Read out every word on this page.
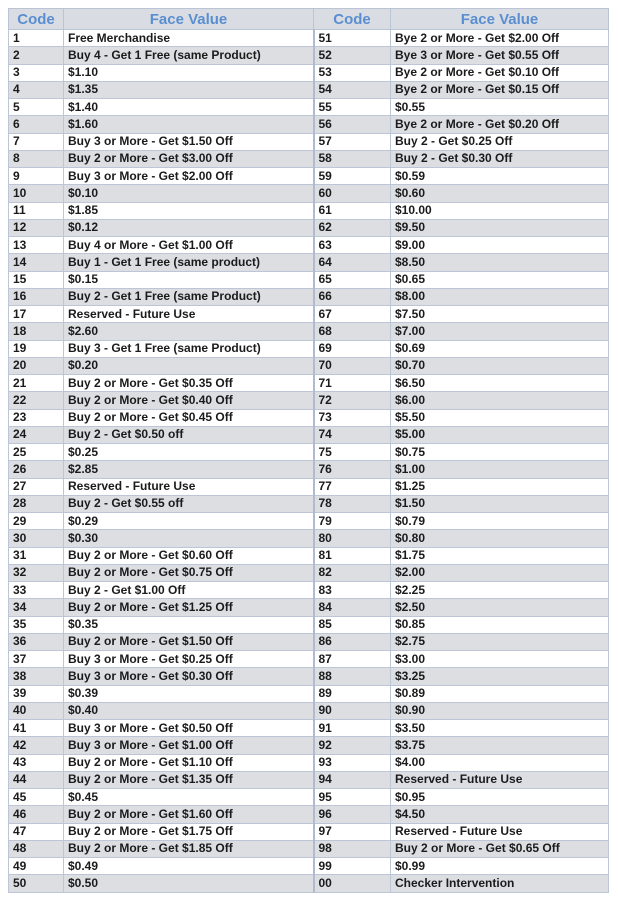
Code	Face Value	Code	Face Value
1	Free Merchandise	51	Bye 2 or More - Get $2.00 Off
2	Buy 4 - Get 1 Free (same Product)	52	Bye 3 or More - Get $0.55 Off
3	$1.10	53	Bye 2 or More - Get $0.10 Off
4	$1.35	54	Bye 2 or More - Get $0.15 Off
5	$1.40	55	$0.55
6	$1.60	56	Bye 2 or More - Get $0.20 Off
7	Buy 3 or More - Get $1.50 Off	57	Buy 2 - Get $0.25 Off
8	Buy 2 or More - Get $3.00 Off	58	Buy 2 - Get $0.30 Off
9	Buy 3 or More - Get $2.00 Off	59	$0.59
10	$0.10	60	$0.60
11	$1.85	61	$10.00
12	$0.12	62	$9.50
13	Buy 4 or More - Get $1.00 Off	63	$9.00
14	Buy 1 - Get 1 Free (same product)	64	$8.50
15	$0.15	65	$0.65
16	Buy 2 - Get 1 Free (same Product)	66	$8.00
17	Reserved - Future Use	67	$7.50
18	$2.60	68	$7.00
19	Buy 3 - Get 1 Free (same Product)	69	$0.69
20	$0.20	70	$0.70
21	Buy 2 or More - Get $0.35 Off	71	$6.50
22	Buy 2 or More - Get $0.40 Off	72	$6.00
23	Buy 2 or More - Get $0.45 Off	73	$5.50
24	Buy 2 - Get $0.50 off	74	$5.00
25	$0.25	75	$0.75
26	$2.85	76	$1.00
27	Reserved - Future Use	77	$1.25
28	Buy 2 - Get $0.55 off	78	$1.50
29	$0.29	79	$0.79
30	$0.30	80	$0.80
31	Buy 2 or More - Get $0.60 Off	81	$1.75
32	Buy 2 or More - Get $0.75 Off	82	$2.00
33	Buy 2 - Get $1.00 Off	83	$2.25
34	Buy 2 or More - Get $1.25 Off	84	$2.50
35	$0.35	85	$0.85
36	Buy 2 or More - Get $1.50 Off	86	$2.75
37	Buy 3 or More - Get $0.25 Off	87	$3.00
38	Buy 3 or More - Get $0.30 Off	88	$3.25
39	$0.39	89	$0.89
40	$0.40	90	$0.90
41	Buy 3 or More - Get $0.50 Off	91	$3.50
42	Buy 3 or More - Get $1.00 Off	92	$3.75
43	Buy 2 or More - Get $1.10 Off	93	$4.00
44	Buy 2 or More - Get $1.35 Off	94	Reserved - Future Use
45	$0.45	95	$0.95
46	Buy 2 or More - Get $1.60 Off	96	$4.50
47	Buy 2 or More - Get $1.75 Off	97	Reserved - Future Use
48	Buy 2 or More - Get $1.85 Off	98	Buy 2 or More - Get $0.65 Off
49	$0.49	99	$0.99
50	$0.50	00	Checker Intervention
